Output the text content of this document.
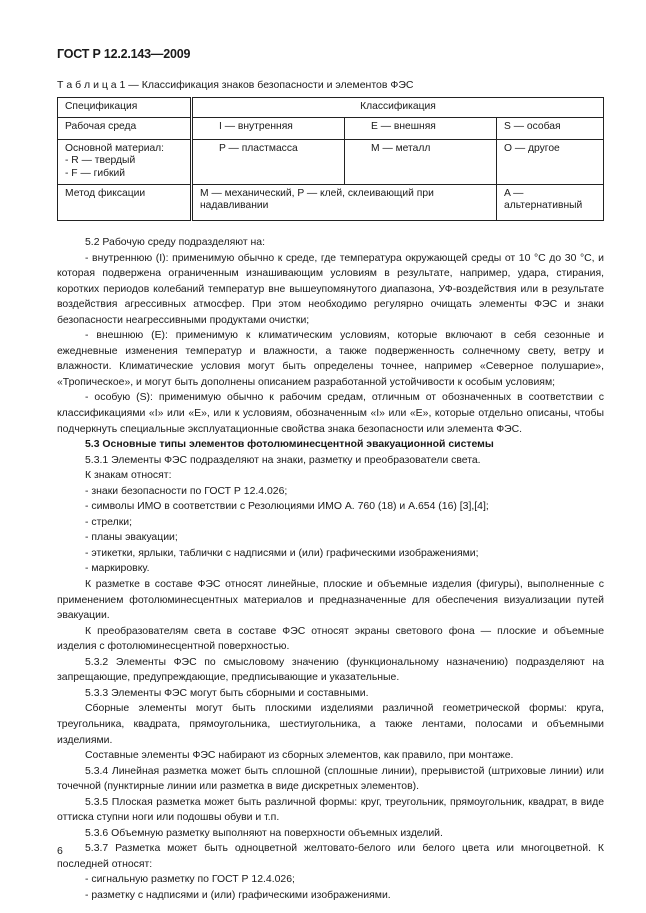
ГОСТ Р 12.2.143—2009
Т а б л и ц а 1 — Классификация знаков безопасности и элементов ФЭС
Спецификация	Классификация		
Рабочая среда	I — внутренняя	E — внешняя	S — особая

Основной материал:
- R — твердый
- F — гибкий	P — пластмасса	M — металл	O — другое
Метод фиксации	M — механический, P — клей, склеивающий при надавливании		A — альтернативный

5.2 Рабочую среду подразделяют на:

- внутреннюю (I): применимую обычно к среде, где температура окружающей среды от 10 °С до 30 °С, и которая подвержена ограниченным изнашивающим условиям в результате, например, удара, стирания, коротких периодов колебаний температур вне вышеупомянутого диапазона, УФ-воздействия или в результате воздействия агрессивных атмосфер. При этом необходимо регулярно очищать элементы ФЭС и знаки безопасности неагрессивными продуктами очистки;

- внешнюю (E): применимую к климатическим условиям, которые включают в себя сезонные и ежедневные изменения температур и влажности, а также подверженность солнечному свету, ветру и влажности. Климатические условия могут быть определены точнее, например «Северное полушарие», «Тропическое», и могут быть дополнены описанием разработанной устойчивости к особым условиям;

- особую (S): применимую обычно к рабочим средам, отличным от обозначенных в соответствии с классификациями «I» или «E», или к условиям, обозначенным «I» или «E», которые отдельно описаны, чтобы подчеркнуть специальные эксплуатационные свойства знака безопасности или элемента ФЭС.

5.3 Основные типы элементов фотолюминесцентной эвакуационной системы

5.3.1 Элементы ФЭС подразделяют на знаки, разметку и преобразователи света.

К знакам относят:

- знаки безопасности по ГОСТ Р 12.4.026;

- символы ИМО в соответствии с Резолюциями ИМО А. 760 (18) и А.654 (16) [3],[4];

- стрелки;

- планы эвакуации;

- этикетки, ярлыки, таблички с надписями и (или) графическими изображениями;

- маркировку.

К разметке в составе ФЭС относят линейные, плоские и объемные изделия (фигуры), выполненные с применением фотолюминесцентных материалов и предназначенные для обеспечения визуализации путей эвакуации.

К преобразователям света в составе ФЭС относят экраны светового фона — плоские и объемные изделия с фотолюминесцентной поверхностью.

5.3.2 Элементы ФЭС по смысловому значению (функциональному назначению) подразделяют на запрещающие, предупреждающие, предписывающие и указательные.

5.3.3 Элементы ФЭС могут быть сборными и составными.

Сборные элементы могут быть плоскими изделиями различной геометрической формы: круга, треугольника, квадрата, прямоугольника, шестиугольника, а также лентами, полосами и объемными изделиями.

Составные элементы ФЭС набирают из сборных элементов, как правило, при монтаже.

5.3.4 Линейная разметка может быть сплошной (сплошные линии), прерывистой (штриховые линии) или точечной (пунктирные линии или разметка в виде дискретных элементов).

5.3.5 Плоская разметка может быть различной формы: круг, треугольник, прямоугольник, квадрат, в виде оттиска ступни ноги или подошвы обуви и т.п.

5.3.6 Объемную разметку выполняют на поверхности объемных изделий.

5.3.7 Разметка может быть одноцветной желтовато-белого или белого цвета или многоцветной. К последней относят:

- сигнальную разметку по ГОСТ Р 12.4.026;

- разметку с надписями и (или) графическими изображениями.

6
